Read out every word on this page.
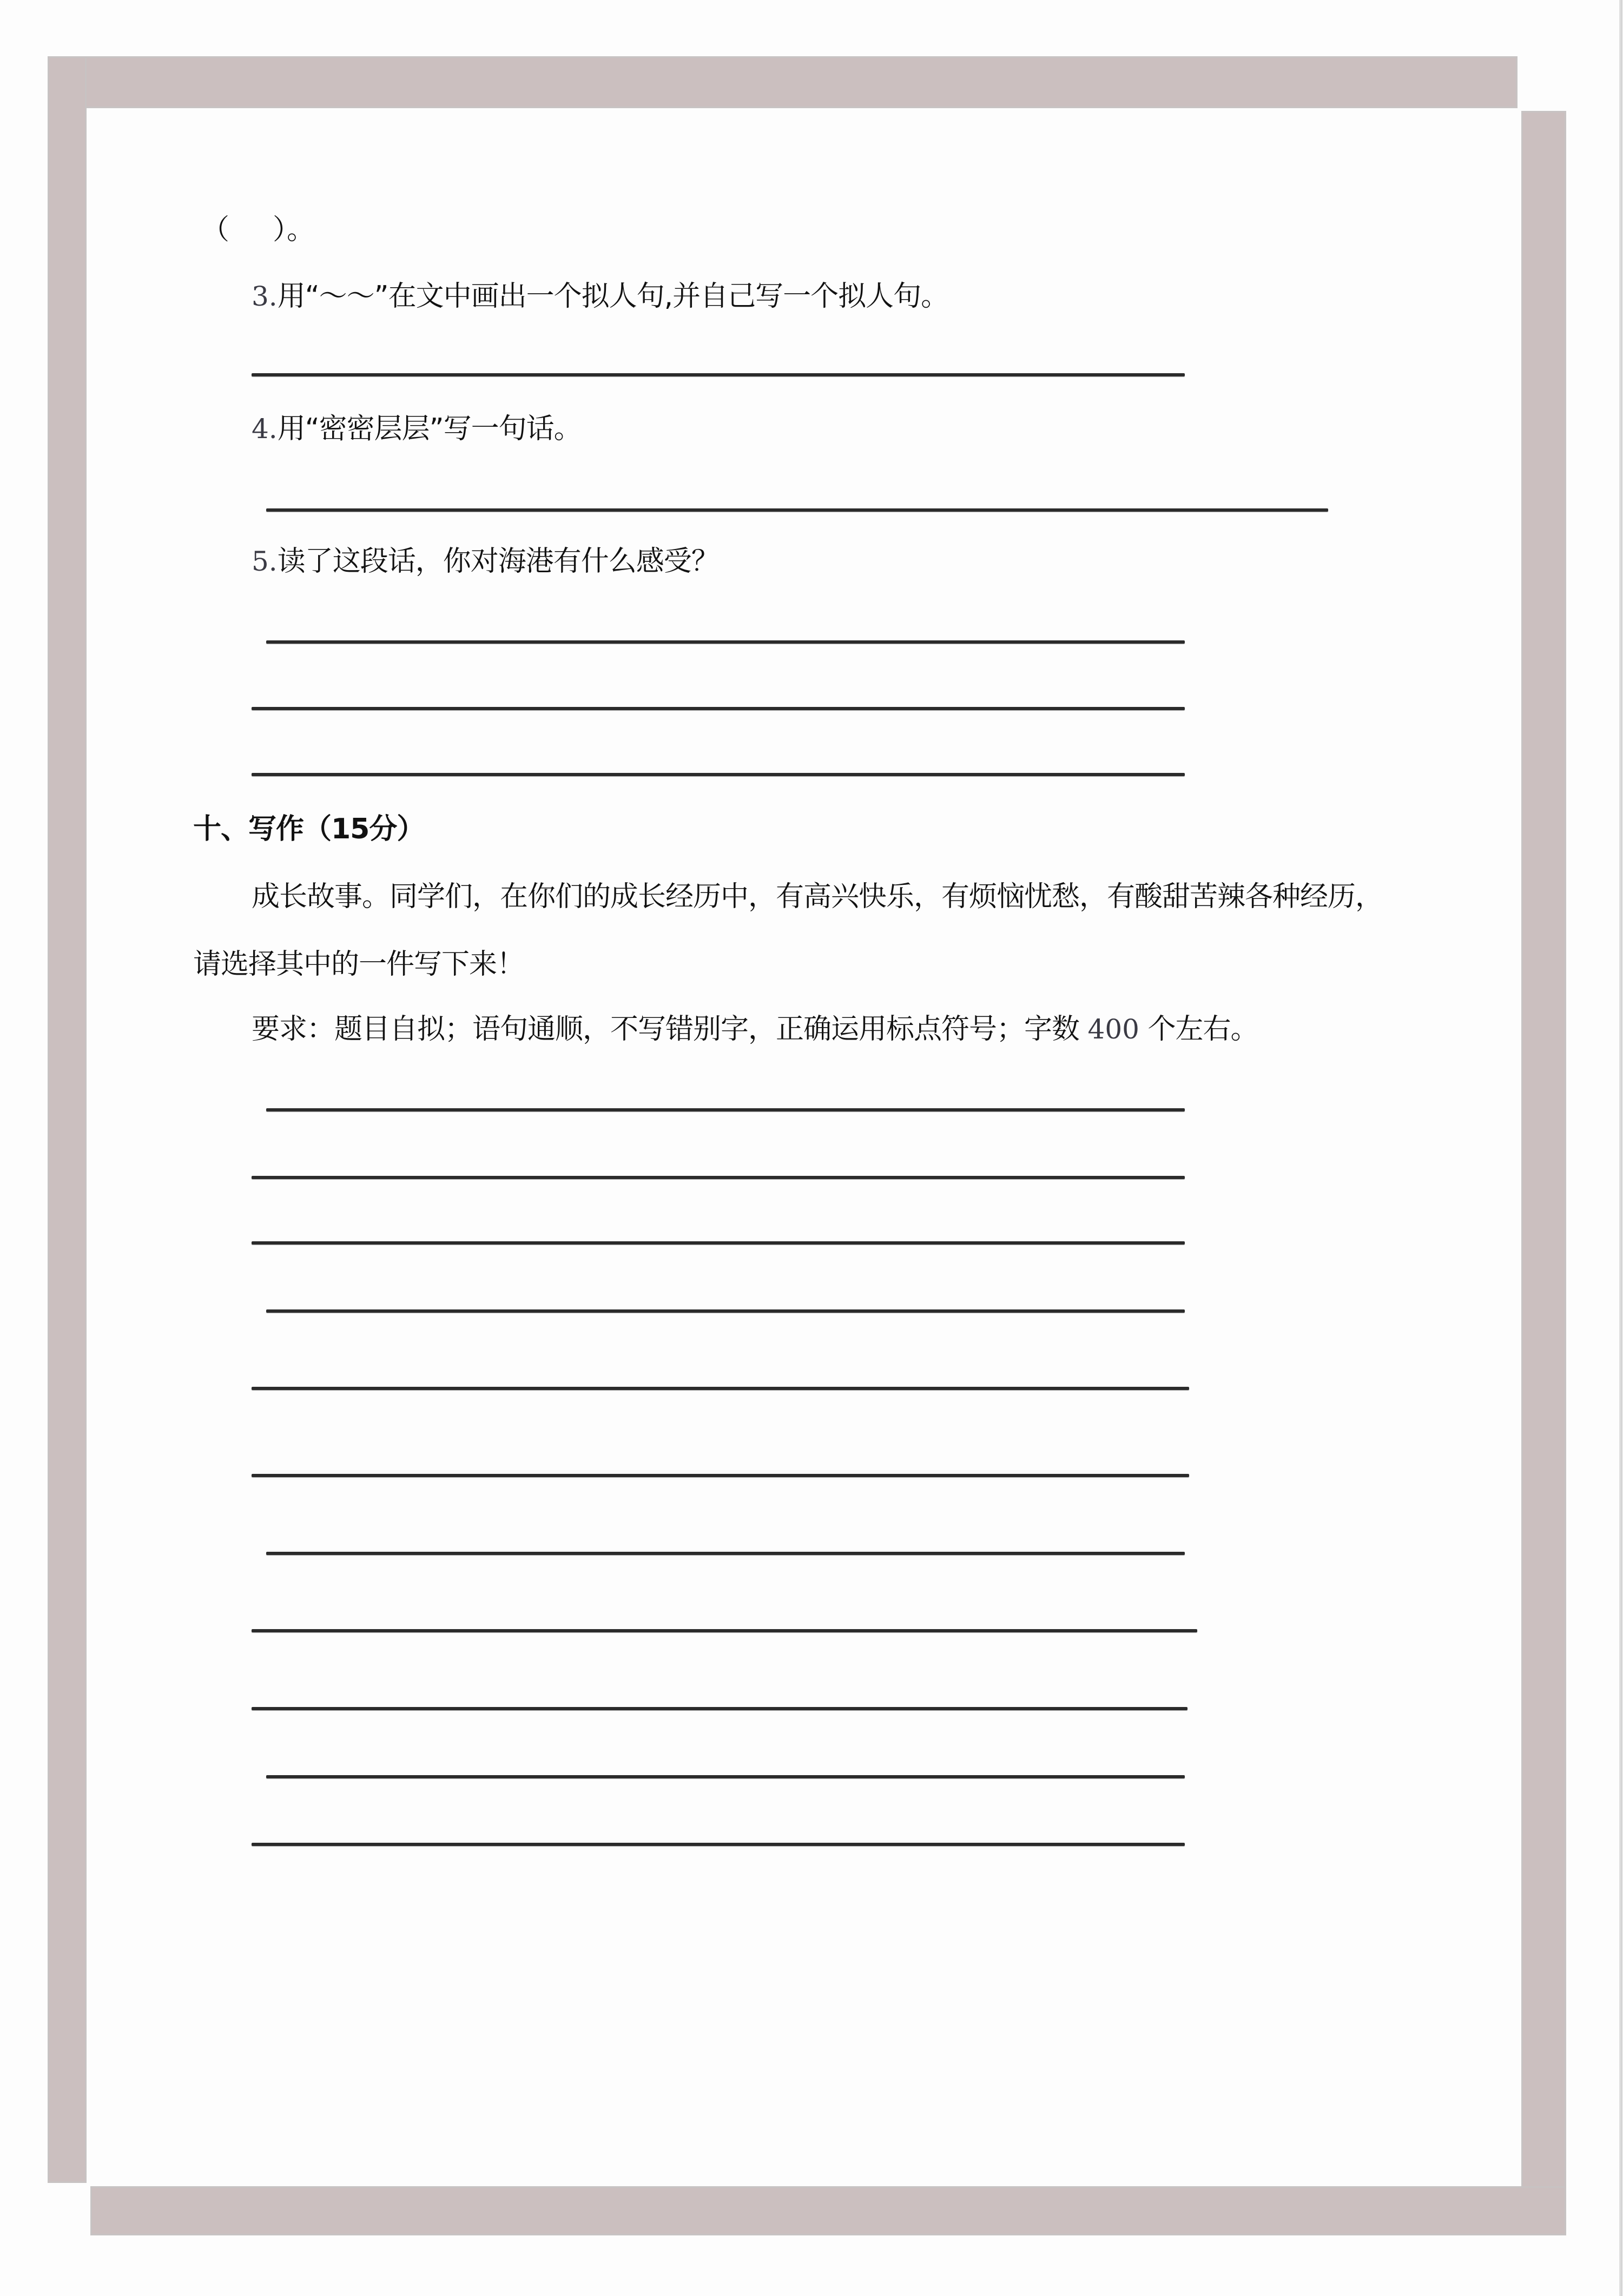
（ ）。
3.用“～～”在文中画出一个拟人句,并自己写一个拟人句。
4.用“密密层层”写一句话。
5.读了这段话，你对海港有什么感受？
十、写作（15分）
成长故事。同学们，在你们的成长经历中，有高兴快乐，有烦恼忧愁，有酸甜苦辣各种经历，
请选择其中的一件写下来！
要求：题目自拟；语句通顺，不写错别字，正确运用标点符号；字数 400 个左右。
